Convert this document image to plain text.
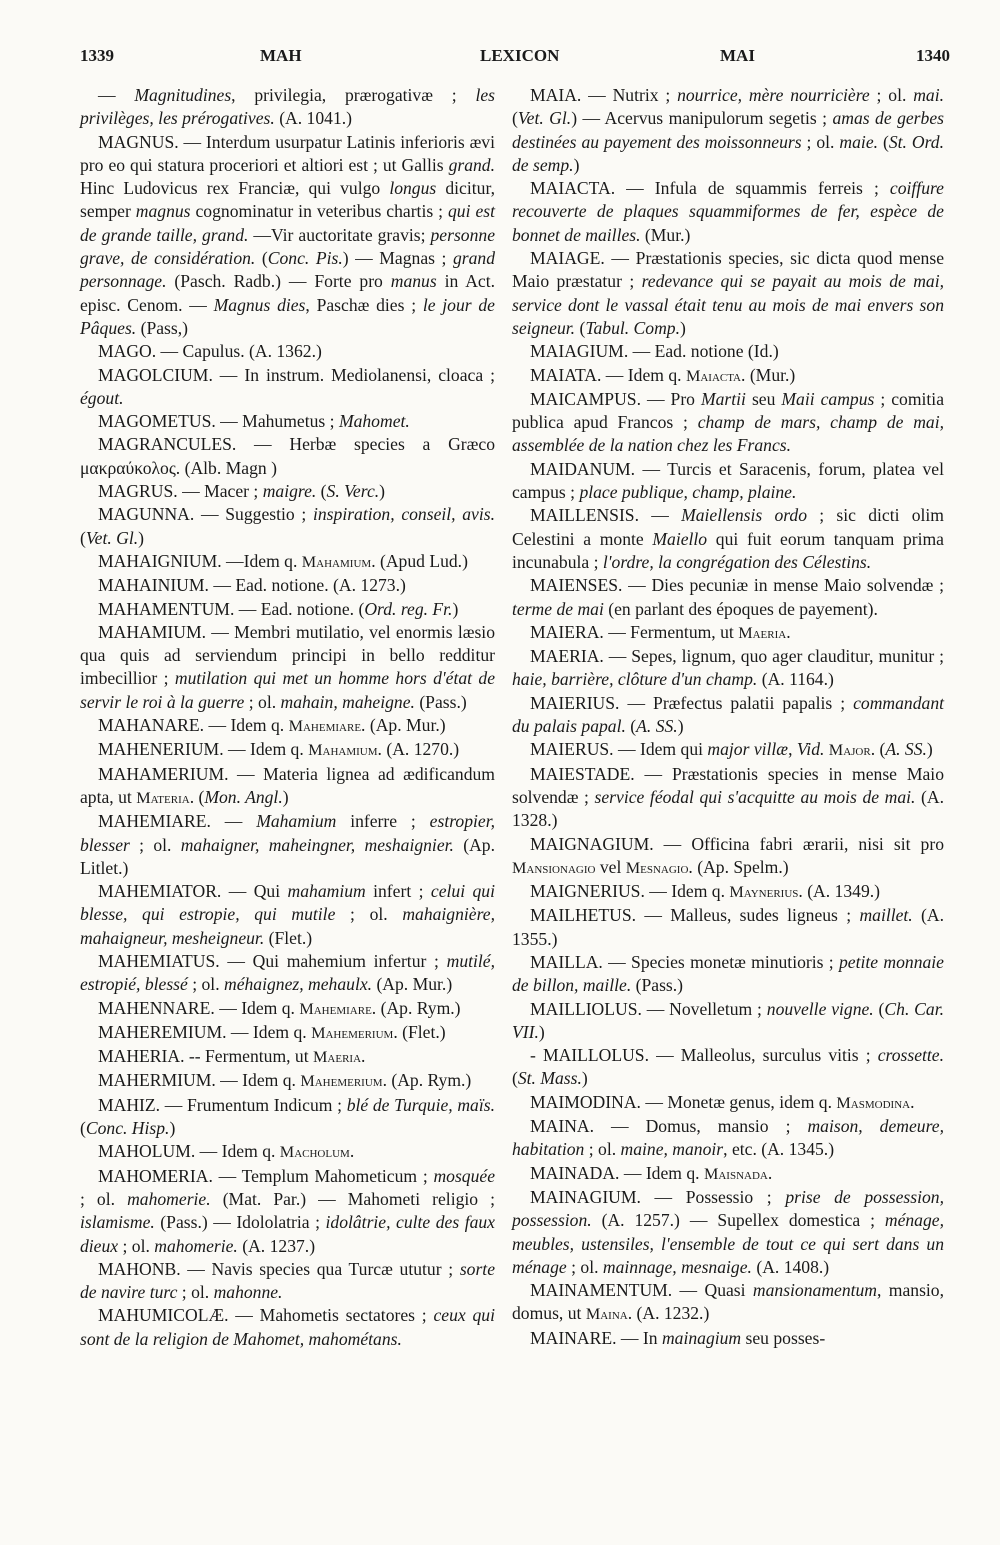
1339	MAH	LEXICON	MAI	1340

— Magnitudines, privilegia, prærogativæ ; les privilèges, les prérogatives. (A. 1041.)

MAGNUS. — Interdum usurpatur Latinis inferioris ævi pro eo qui statura proceriori et altiori est ; ut Gallis grand. Hinc Ludovicus rex Franciæ, qui vulgo longus dicitur, semper magnus cognominatur in veteribus chartis ; qui est de grande taille, grand. —Vir auctoritate gravis; personne grave, de considération. (Conc. Pis.) — Magnas ; grand personnage. (Pasch. Radb.) — Forte pro manus in Act. episc. Cenom. — Magnus dies, Paschæ dies ; le jour de Pâques. (Pass,)

MAGO. — Capulus. (A. 1362.)

MAGOLCIUM. — In instrum. Mediolanensi, cloaca ; égout.

MAGOMETUS. — Mahumetus ; Mahomet.

MAGRANCULES. — Herbæ species a Græco μακραύκολος. (Alb. Magn )

MAGRUS. — Macer ; maigre. (S. Verc.)

MAGUNNA. — Suggestio ; inspiration, conseil, avis. (Vet. Gl.)

MAHAIGNIUM. —Idem q. Mahamium. (Apud Lud.)

MAHAINIUM. — Ead. notione. (A. 1273.)

MAHAMENTUM. — Ead. notione. (Ord. reg. Fr.)

MAHAMIUM. — Membri mutilatio, vel enormis læsio qua quis ad serviendum principi in bello redditur imbecillior ; mutilation qui met un homme hors d'état de servir le roi à la guerre ; ol. mahain, maheigne. (Pass.)

MAHANARE. — Idem q. Mahemiare. (Ap. Mur.)

MAHENERIUM. — Idem q. Mahamium. (A. 1270.)

MAHAMERIUM. — Materia lignea ad ædificandum apta, ut Materia. (Mon. Angl.)

MAHEMIARE. — Mahamium inferre ; estropier, blesser ; ol. mahaigner, maheingner, meshaignier. (Ap. Litlet.)

MAHEMIATOR. — Qui mahamium infert ; celui qui blesse, qui estropie, qui mutile ; ol. mahaignière, mahaigneur, mesheigneur. (Flet.)

MAHEMIATUS. — Qui mahemium infertur ; mutilé, estropié, blessé ; ol. méhaignez, mehaulx. (Ap. Mur.)

MAHENNARE. — Idem q. Mahemiare. (Ap. Rym.)

MAHEREMIUM. — Idem q. Mahemerium. (Flet.)

MAHERIA. -- Fermentum, ut Maeria.

MAHERMIUM. — Idem q. Mahemerium. (Ap. Rym.)

MAHIZ. — Frumentum Indicum ; blé de Turquie, maïs. (Conc. Hisp.)

MAHOLUM. — Idem q. Macholum.

MAHOMERIA. — Templum Mahometicum ; mosquée ; ol. mahomerie. (Mat. Par.) — Mahometi religio ; islamisme. (Pass.) — Idololatria ; idolâtrie, culte des faux dieux ; ol. mahomerie. (A. 1237.)

MAHONB. — Navis species qua Turcæ ututur ; sorte de navire turc ; ol. mahonne.

MAHUMICOLÆ. — Mahometis sectatores ; ceux qui sont de la religion de Mahomet, mahométans.

MAIA. — Nutrix ; nourrice, mère nourricière ; ol. mai. (Vet. Gl.) — Acervus manipulorum segetis ; amas de gerbes destinées au payement des moissonneurs ; ol. maie. (St. Ord. de semp.)

MAIACTA. — Infula de squammis ferreis ; coiffure recouverte de plaques squammiformes de fer, espèce de bonnet de mailles. (Mur.)

MAIAGE. — Præstationis species, sic dicta quod mense Maio præstatur ; redevance qui se payait au mois de mai, service dont le vassal était tenu au mois de mai envers son seigneur. (Tabul. Comp.)

MAIAGIUM. — Ead. notione (Id.)

MAIATA. — Idem q. Maiacta. (Mur.)

MAICAMPUS. — Pro Martii seu Maii campus ; comitia publica apud Francos ; champ de mars, champ de mai, assemblée de la nation chez les Francs.

MAIDANUM. — Turcis et Saracenis, forum, platea vel campus ; place publique, champ, plaine.

MAILLENSIS. — Maiellensis ordo ; sic dicti olim Celestini a monte Maiello qui fuit eorum tanquam prima incunabula ; l'ordre, la congrégation des Célestins.

MAIENSES. — Dies pecuniæ in mense Maio solvendæ ; terme de mai (en parlant des époques de payement).

MAIERA. — Fermentum, ut Maeria.

MAERIA. — Sepes, lignum, quo ager clauditur, munitur ; haie, barrière, clôture d'un champ. (A. 1164.)

MAIERIUS. — Præfectus palatii papalis ; commandant du palais papal. (A. SS.)

MAIERUS. — Idem qui major villæ, Vid. Major. (A. SS.)

MAIESTADE. — Præstationis species in mense Maio solvendæ ; service féodal qui s'acquitte au mois de mai. (A. 1328.)

MAIGNAGIUM. — Officina fabri ærarii, nisi sit pro Mansionagio vel Mesnagio. (Ap. Spelm.)

MAIGNERIUS. — Idem q. Maynerius. (A. 1349.)

MAILHETUS. — Malleus, sudes ligneus ; maillet. (A. 1355.)

MAILLA. — Species monetæ minutioris ; petite monnaie de billon, maille. (Pass.)

MAILLIOLUS. — Novelletum ; nouvelle vigne. (Ch. Car. VII.)

- MAILLOLUS. — Malleolus, surculus vitis ; crossette. (St. Mass.)

MAIMODINA. — Monetæ genus, idem q. Masmodina.

MAINA. — Domus, mansio ; maison, demeure, habitation ; ol. maine, manoir, etc. (A. 1345.)

MAINADA. — Idem q. Maisnada.

MAINAGIUM. — Possessio ; prise de possession, possession. (A. 1257.) — Supellex domestica ; ménage, meubles, ustensiles, l'ensemble de tout ce qui sert dans un ménage ; ol. mainnage, mesnaige. (A. 1408.)

MAINAMENTUM. — Quasi mansionamentum, mansio, domus, ut Maina. (A. 1232.)

MAINARE. — In mainagium seu posses-
